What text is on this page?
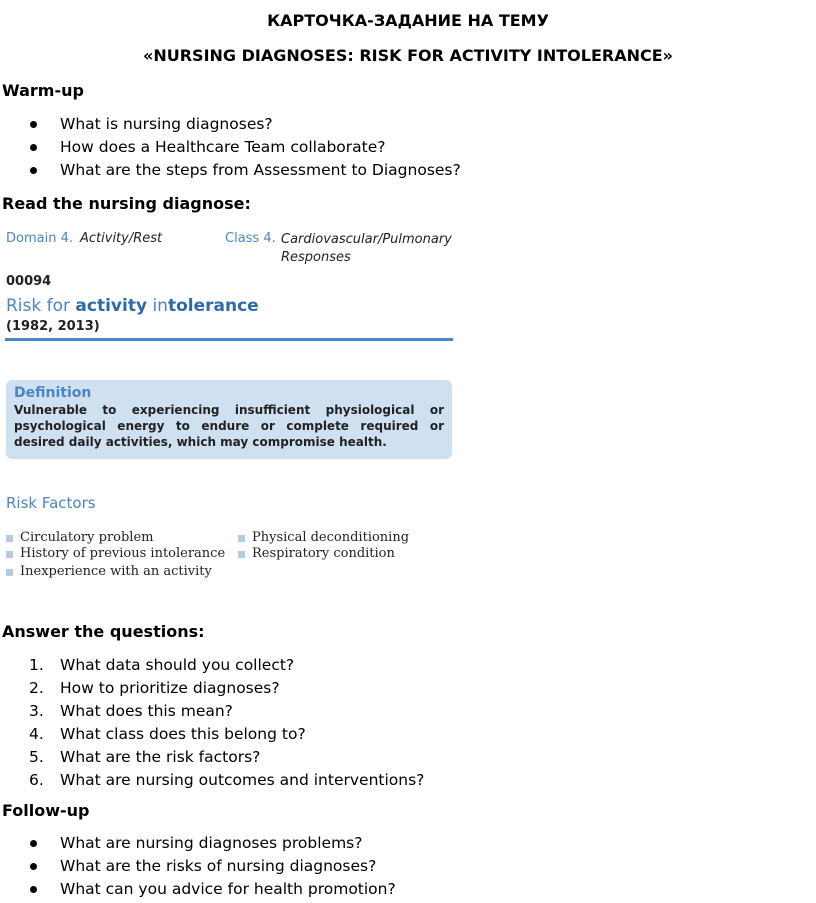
КАРТОЧКА-ЗАДАНИЕ НА ТЕМУ
«NURSING DIAGNOSES: RISK FOR ACTIVITY INTOLERANCE»
Warm-up
What is nursing diagnoses?
How does a Healthcare Team collaborate?
What are the steps from Assessment to Diagnoses?
Read the nursing diagnose:
Domain 4. Activity/Rest	Class 4. Cardiovascular/Pulmonary Responses
00094
Risk for activity intolerance
(1982, 2013)
Definition
Vulnerable to experiencing insufficient physiological or psychological energy to endure or complete required or desired daily activities, which may compromise health.
Risk Factors
Circulatory problem
History of previous intolerance
Inexperience with an activity
Physical deconditioning
Respiratory condition
Answer the questions:
1. What data should you collect?
2. How to prioritize diagnoses?
3. What does this mean?
4. What class does this belong to?
5. What are the risk factors?
6. What are nursing outcomes and interventions?
Follow-up
What are nursing diagnoses problems?
What are the risks of nursing diagnoses?
What can you advice for health promotion?
